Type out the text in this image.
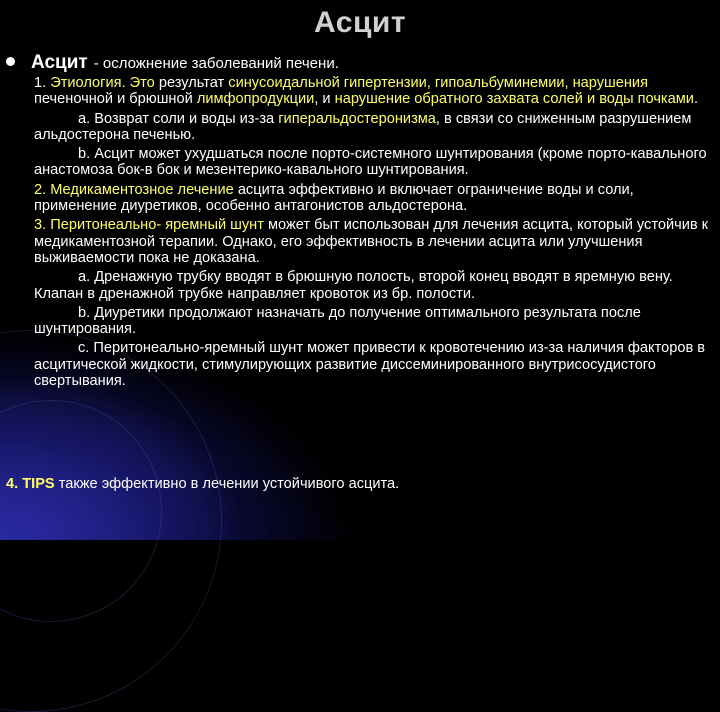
Асцит
Асцит - осложнение заболеваний печени.

1. Этиология. Это результат синусоидальной гипертензии, гипоальбуминемии, нарушения печеночной и брюшной лимфопродукции, и нарушение обратного захвата солей и воды почками.

a. Возврат соли и воды из-за гиперальдостеронизма, в связи со сниженным разрушением альдостерона печенью.

b. Асцит может ухудшаться после порто-системного шунтирования (кроме порто-кавального анастомоза бок-в бок и мезентерико-кавального шунтирования.

2. Медикаментозное лечение асцита эффективно и включает ограничение воды и соли, применение диуретиков, особенно антагонистов альдостерона.

3. Перитонеально- яремный шунт может быт использован для лечения асцита, который устойчив к медикаментозной терапии. Однако, его эффективность в лечении асцита или улучшения выживаемости пока не доказана.

a. Дренажную трубку вводят в брюшную полость, второй конец вводят в яремную вену. Клапан в дренажной трубке направляет кровоток из бр. полости.

b. Диуретики продолжают назначать до получение оптимального результата после шунтирования.

c. Перитонеально-яремный шунт может привести к кровотечению из-за наличия факторов в асцитической жидкости, стимулирующих развитие диссеминированного внутрисосудистого свертывания.

4. TIPS также эффективно в лечении устойчивого асцита.
